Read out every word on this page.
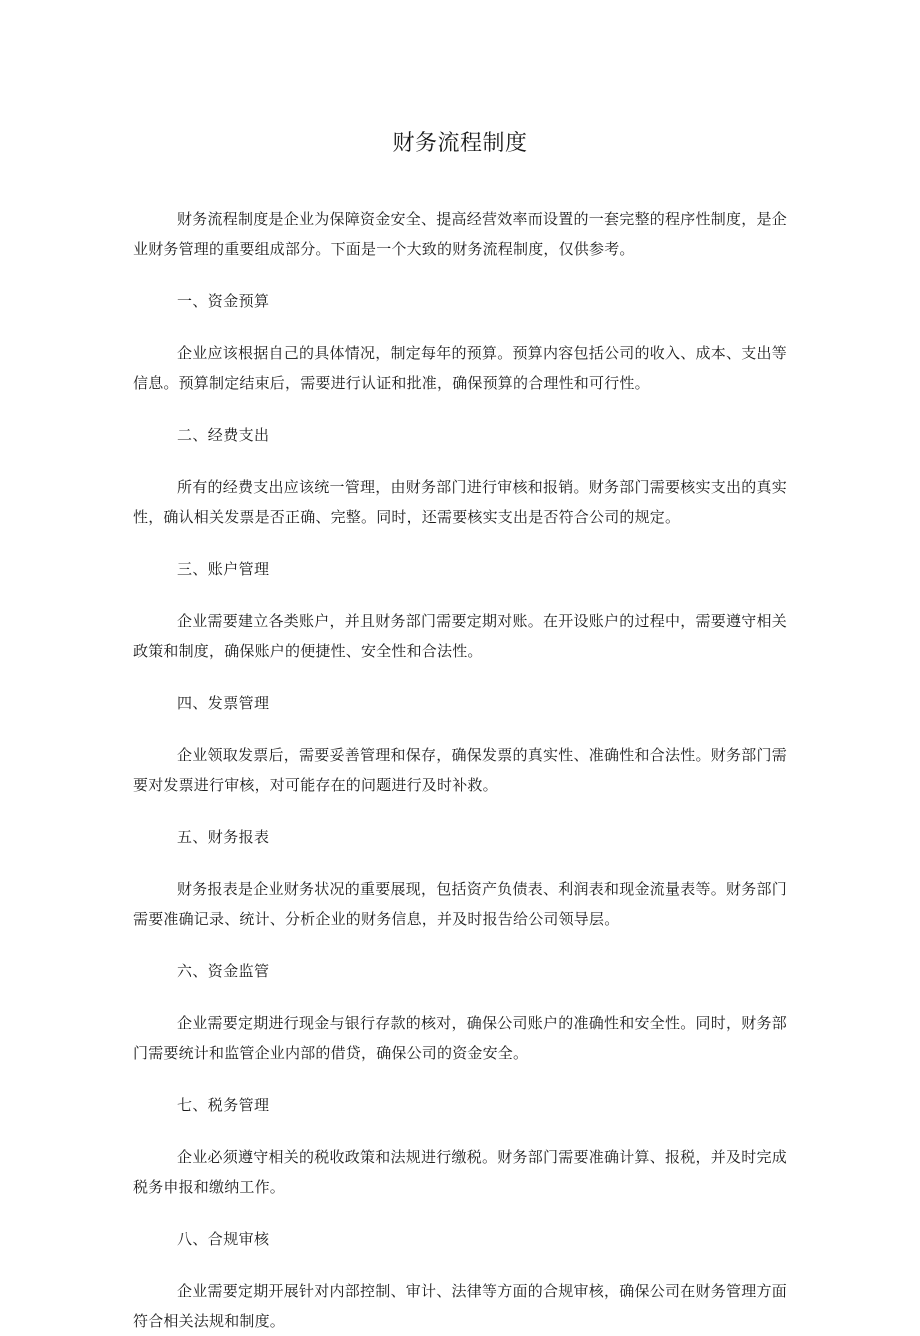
财务流程制度

财务流程制度是企业为保障资金安全、提高经营效率而设置的一套完整的程序性制度，是企业财务管理的重要组成部分。下面是一个大致的财务流程制度，仅供参考。

一、资金预算

企业应该根据自己的具体情况，制定每年的预算。预算内容包括公司的收入、成本、支出等信息。预算制定结束后，需要进行认证和批准，确保预算的合理性和可行性。

二、经费支出

所有的经费支出应该统一管理，由财务部门进行审核和报销。财务部门需要核实支出的真实性，确认相关发票是否正确、完整。同时，还需要核实支出是否符合公司的规定。

三、账户管理

企业需要建立各类账户，并且财务部门需要定期对账。在开设账户的过程中，需要遵守相关政策和制度，确保账户的便捷性、安全性和合法性。

四、发票管理

企业领取发票后，需要妥善管理和保存，确保发票的真实性、准确性和合法性。财务部门需要对发票进行审核，对可能存在的问题进行及时补救。

五、财务报表

财务报表是企业财务状况的重要展现，包括资产负债表、利润表和现金流量表等。财务部门需要准确记录、统计、分析企业的财务信息，并及时报告给公司领导层。

六、资金监管

企业需要定期进行现金与银行存款的核对，确保公司账户的准确性和安全性。同时，财务部门需要统计和监管企业内部的借贷，确保公司的资金安全。

七、税务管理

企业必须遵守相关的税收政策和法规进行缴税。财务部门需要准确计算、报税，并及时完成税务申报和缴纳工作。

八、合规审核

企业需要定期开展针对内部控制、审计、法律等方面的合规审核，确保公司在财务管理方面符合相关法规和制度。
